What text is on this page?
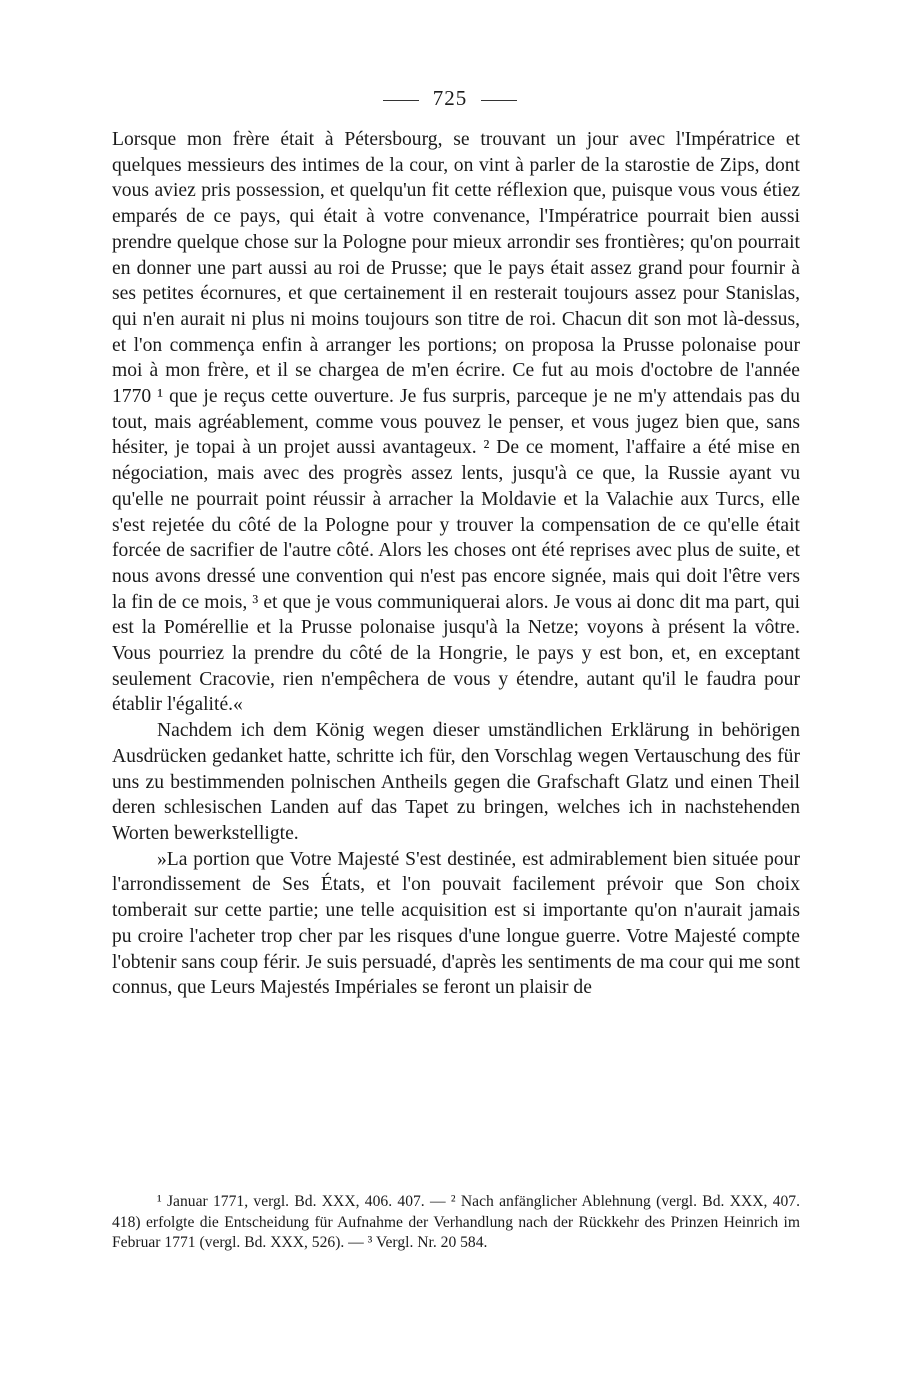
725

Lorsque mon frère était à Pétersbourg, se trouvant un jour avec l'Impératrice et quelques messieurs des intimes de la cour, on vint à parler de la starostie de Zips, dont vous aviez pris possession, et quelqu'un fit cette réflexion que, puisque vous vous étiez emparés de ce pays, qui était à votre convenance, l'Impératrice pourrait bien aussi prendre quelque chose sur la Pologne pour mieux arrondir ses frontières; qu'on pourrait en donner une part aussi au roi de Prusse; que le pays était assez grand pour fournir à ses petites écornures, et que certainement il en resterait toujours assez pour Stanislas, qui n'en aurait ni plus ni moins toujours son titre de roi. Chacun dit son mot là-dessus, et l'on commença enfin à arranger les portions; on proposa la Prusse polonaise pour moi à mon frère, et il se chargea de m'en écrire. Ce fut au mois d'octobre de l'année 1770 ¹ que je reçus cette ouverture. Je fus surpris, parceque je ne m'y attendais pas du tout, mais agréablement, comme vous pouvez le penser, et vous jugez bien que, sans hésiter, je topai à un projet aussi avantageux. ² De ce moment, l'affaire a été mise en négociation, mais avec des progrès assez lents, jusqu'à ce que, la Russie ayant vu qu'elle ne pourrait point réussir à arracher la Moldavie et la Valachie aux Turcs, elle s'est rejetée du côté de la Pologne pour y trouver la compensation de ce qu'elle était forcée de sacrifier de l'autre côté. Alors les choses ont été reprises avec plus de suite, et nous avons dressé une convention qui n'est pas encore signée, mais qui doit l'être vers la fin de ce mois, ³ et que je vous communiquerai alors. Je vous ai donc dit ma part, qui est la Pomérellie et la Prusse polonaise jusqu'à la Netze; voyons à présent la vôtre. Vous pourriez la prendre du côté de la Hongrie, le pays y est bon, et, en exceptant seulement Cracovie, rien n'empêchera de vous y étendre, autant qu'il le faudra pour établir l'égalité.«

Nachdem ich dem König wegen dieser umständlichen Erklärung in behörigen Ausdrücken gedanket hatte, schritte ich für, den Vorschlag wegen Vertauschung des für uns zu bestimmenden polnischen Antheils gegen die Grafschaft Glatz und einen Theil deren schlesischen Landen auf das Tapet zu bringen, welches ich in nachstehenden Worten bewerkstelligte.

»La portion que Votre Majesté S'est destinée, est admirablement bien située pour l'arrondissement de Ses États, et l'on pouvait facilement prévoir que Son choix tomberait sur cette partie; une telle acquisition est si importante qu'on n'aurait jamais pu croire l'acheter trop cher par les risques d'une longue guerre. Votre Majesté compte l'obtenir sans coup férir. Je suis persuadé, d'après les sentiments de ma cour qui me sont connus, que Leurs Majestés Impériales se feront un plaisir de

¹ Januar 1771, vergl. Bd. XXX, 406. 407. — ² Nach anfänglicher Ablehnung (vergl. Bd. XXX, 407. 418) erfolgte die Entscheidung für Aufnahme der Verhandlung nach der Rückkehr des Prinzen Heinrich im Februar 1771 (vergl. Bd. XXX, 526). — ³ Vergl. Nr. 20 584.
